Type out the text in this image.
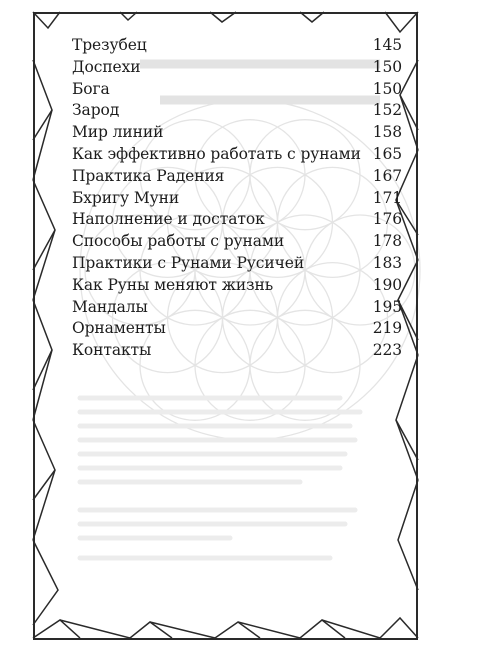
Трезубец	145
Доспехи	150
Бога	150
Зарод	152
Мир линий	158
Как эффективно работать с рунами 165
Практика Радения	167
Бхригу Муни	171
Наполнение и достаток	176
Способы работы с рунами	178
Практики с Рунами Русичей	183
Как Руны меняют жизнь	190
Мандалы	195
Орнаменты	219
Контакты	223
